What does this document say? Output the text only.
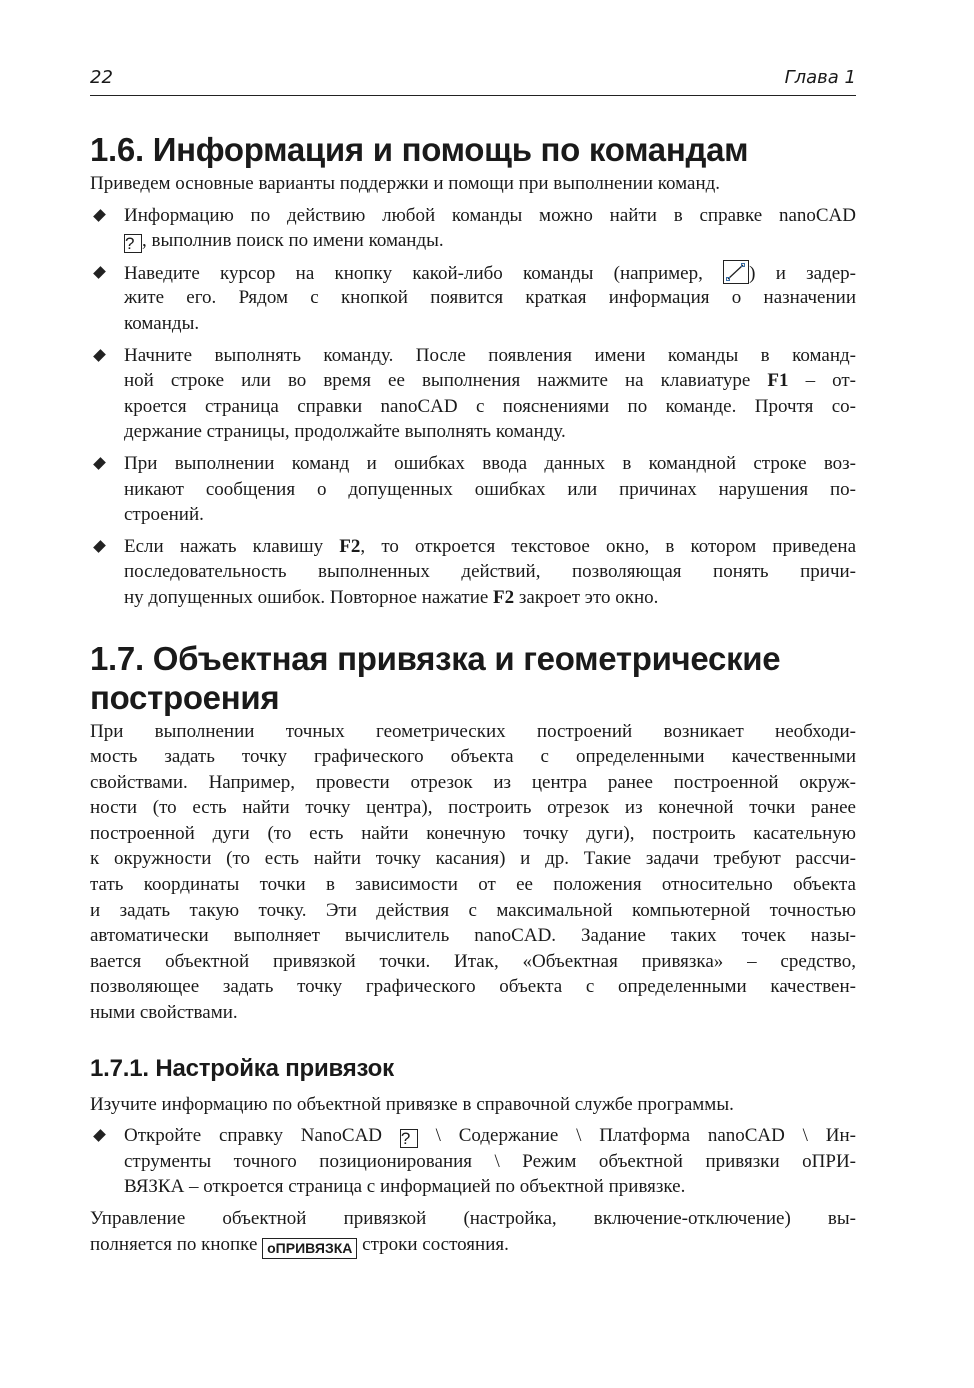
22	Глава 1
1.6. Информация и помощь по командам
Приведем основные варианты поддержки и помощи при выполнении команд.
Информацию по действию любой команды можно найти в справке nanoCAD
? , выполнив поиск по имени команды.
Наведите курсор на кнопку какой-либо команды (например,
) и задер-
жите его. Рядом с кнопкой появится краткая информация о назначении
команды.
Начните выполнять команду. После появления имени команды в команд-
ной строке или во время ее выполнения нажмите на клавиатуре F1 – от-
кроется страница справки nanoCAD с пояснениями по команде. Прочтя со-
держание страницы, продолжайте выполнять команду.
При выполнении команд и ошибках ввода данных в командной строке воз-
никают сообщения о допущенных ошибках или причинах нарушения по-
строений.
Если нажать клавишу F2, то откроется текстовое окно, в котором приведена
последовательность выполненных действий, позволяющая понять причи-
ну допущенных ошибок. Повторное нажатие F2 закроет это окно.
1.7. Объектная привязка и геометрические построения
При выполнении точных геометрических построений возникает необходи-
мость задать точку графического объекта с определенными качественными
свойствами. Например, провести отрезок из центра ранее построенной окруж-
ности (то есть найти точку центра), построить отрезок из конечной точки ранее
построенной дуги (то есть найти конечную точку дуги), построить касательную
к окружности (то есть найти точку касания) и др. Такие задачи требуют рассчи-
тать координаты точки в зависимости от ее положения относительно объекта
и задать такую точку. Эти действия с максимальной компьютерной точностью
автоматически выполняет вычислитель nanoCAD. Задание таких точек назы-
вается объектной привязкой точки. Итак, «Объектная привязка» – средство,
позволяющее задать точку графического объекта с определенными качествен-
ными свойствами.
1.7.1. Настройка привязок
Изучите информацию по объектной привязке в справочной службе программы.
Откройте справку NanoCAD ? \ Содержание \ Платформа nanoCAD \ Ин-
струменты точного позиционирования \ Режим объектной привязки оПРИ-
ВЯЗКА – откроется страница с информацией по объектной привязке.
Управление объектной привязкой (настройка, включение-отключение) вы-
полняется по кнопке оПРИВЯЗКА строки состояния.
